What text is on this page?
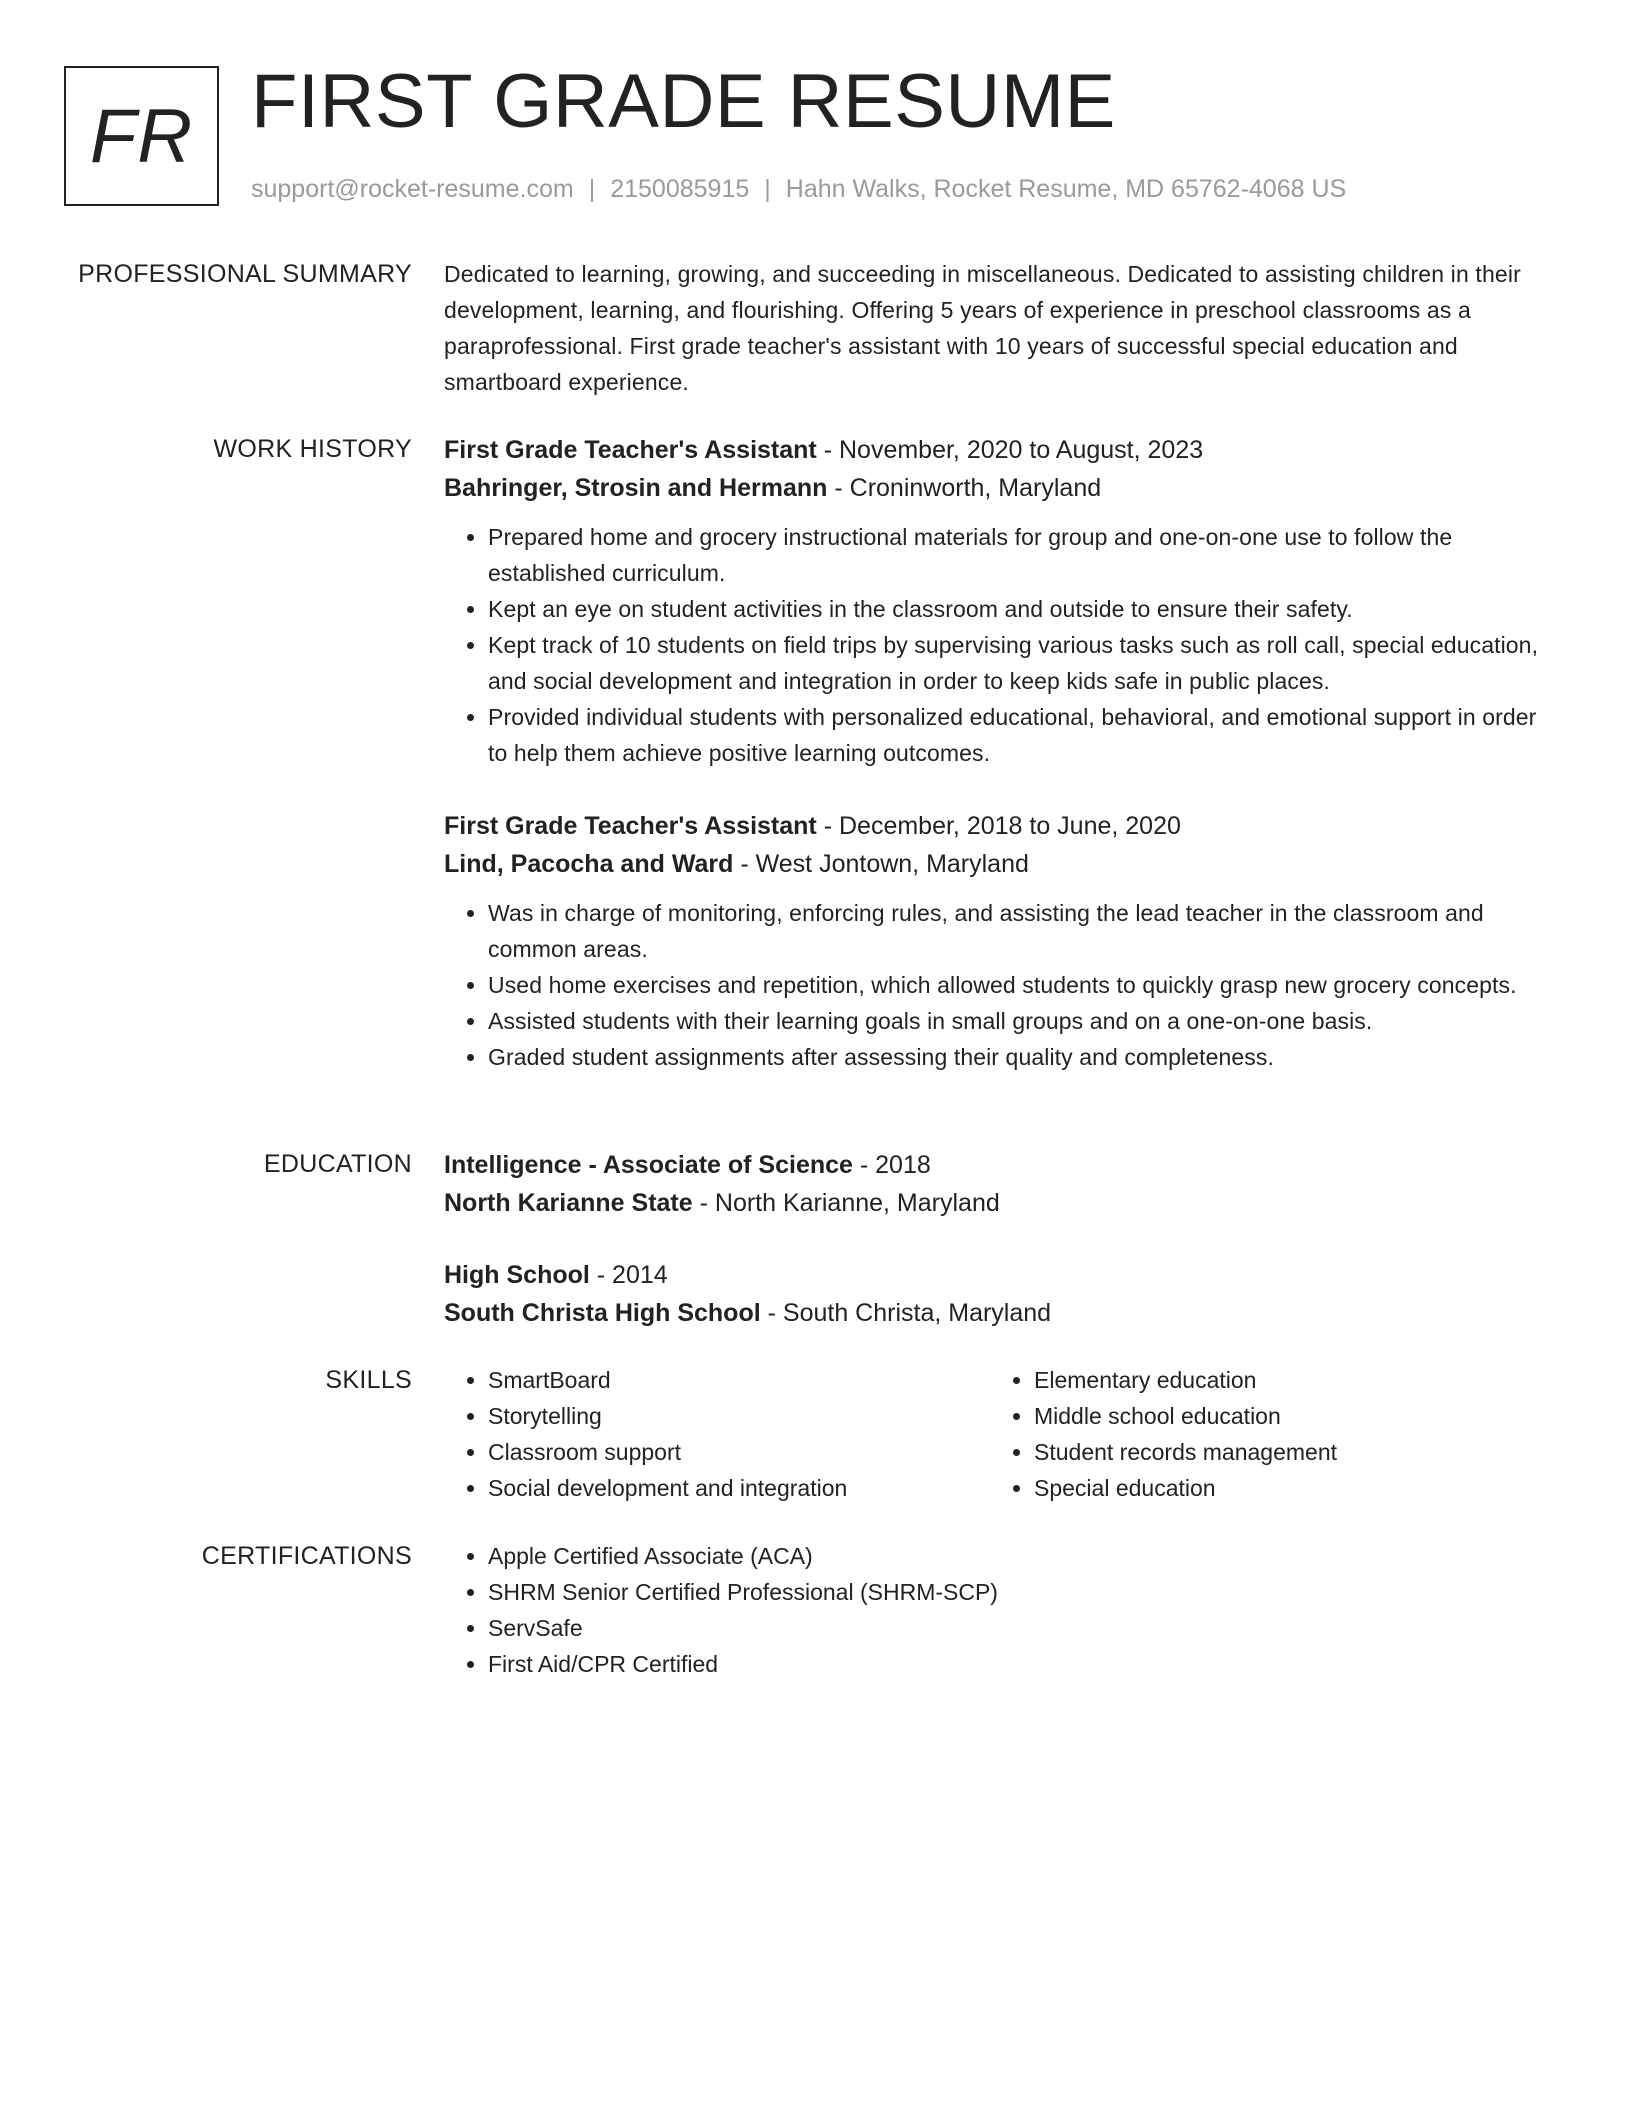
FR FIRST GRADE RESUME
support@rocket-resume.com | 2150085915 | Hahn Walks, Rocket Resume, MD 65762-4068 US
PROFESSIONAL SUMMARY Dedicated to learning, growing, and succeeding in miscellaneous. Dedicated to assisting children in their development, learning, and flourishing. Offering 5 years of experience in preschool classrooms as a paraprofessional. First grade teacher's assistant with 10 years of successful special education and smartboard experience.

WORK HISTORY First Grade Teacher's Assistant - November, 2020 to August, 2023
Bahringer, Strosin and Hermann - Croninworth, Maryland
• Prepared home and grocery instructional materials for group and one-on-one use to follow the established curriculum.
• Kept an eye on student activities in the classroom and outside to ensure their safety.
• Kept track of 10 students on field trips by supervising various tasks such as roll call, special education, and social development and integration in order to keep kids safe in public places.
• Provided individual students with personalized educational, behavioral, and emotional support in order to help them achieve positive learning outcomes.
First Grade Teacher's Assistant - December, 2018 to June, 2020
Lind, Pacocha and Ward - West Jontown, Maryland
• Was in charge of monitoring, enforcing rules, and assisting the lead teacher in the classroom and common areas.
• Used home exercises and repetition, which allowed students to quickly grasp new grocery concepts.
• Assisted students with their learning goals in small groups and on a one-on-one basis.
• Graded student assignments after assessing their quality and completeness.
EDUCATION Intelligence - Associate of Science - 2018
North Karianne State - North Karianne, Maryland
High School - 2014
South Christa High School - South Christa, Maryland
SKILLS	• SmartBoard
• Storytelling
• Classroom support
• Social development and integration
• Elementary education
• Middle school education
• Student records management
• Special education
CERTIFICATIONS	• Apple Certified Associate (ACA)
• SHRM Senior Certified Professional (SHRM-SCP)
• ServSafe
• First Aid/CPR Certified
